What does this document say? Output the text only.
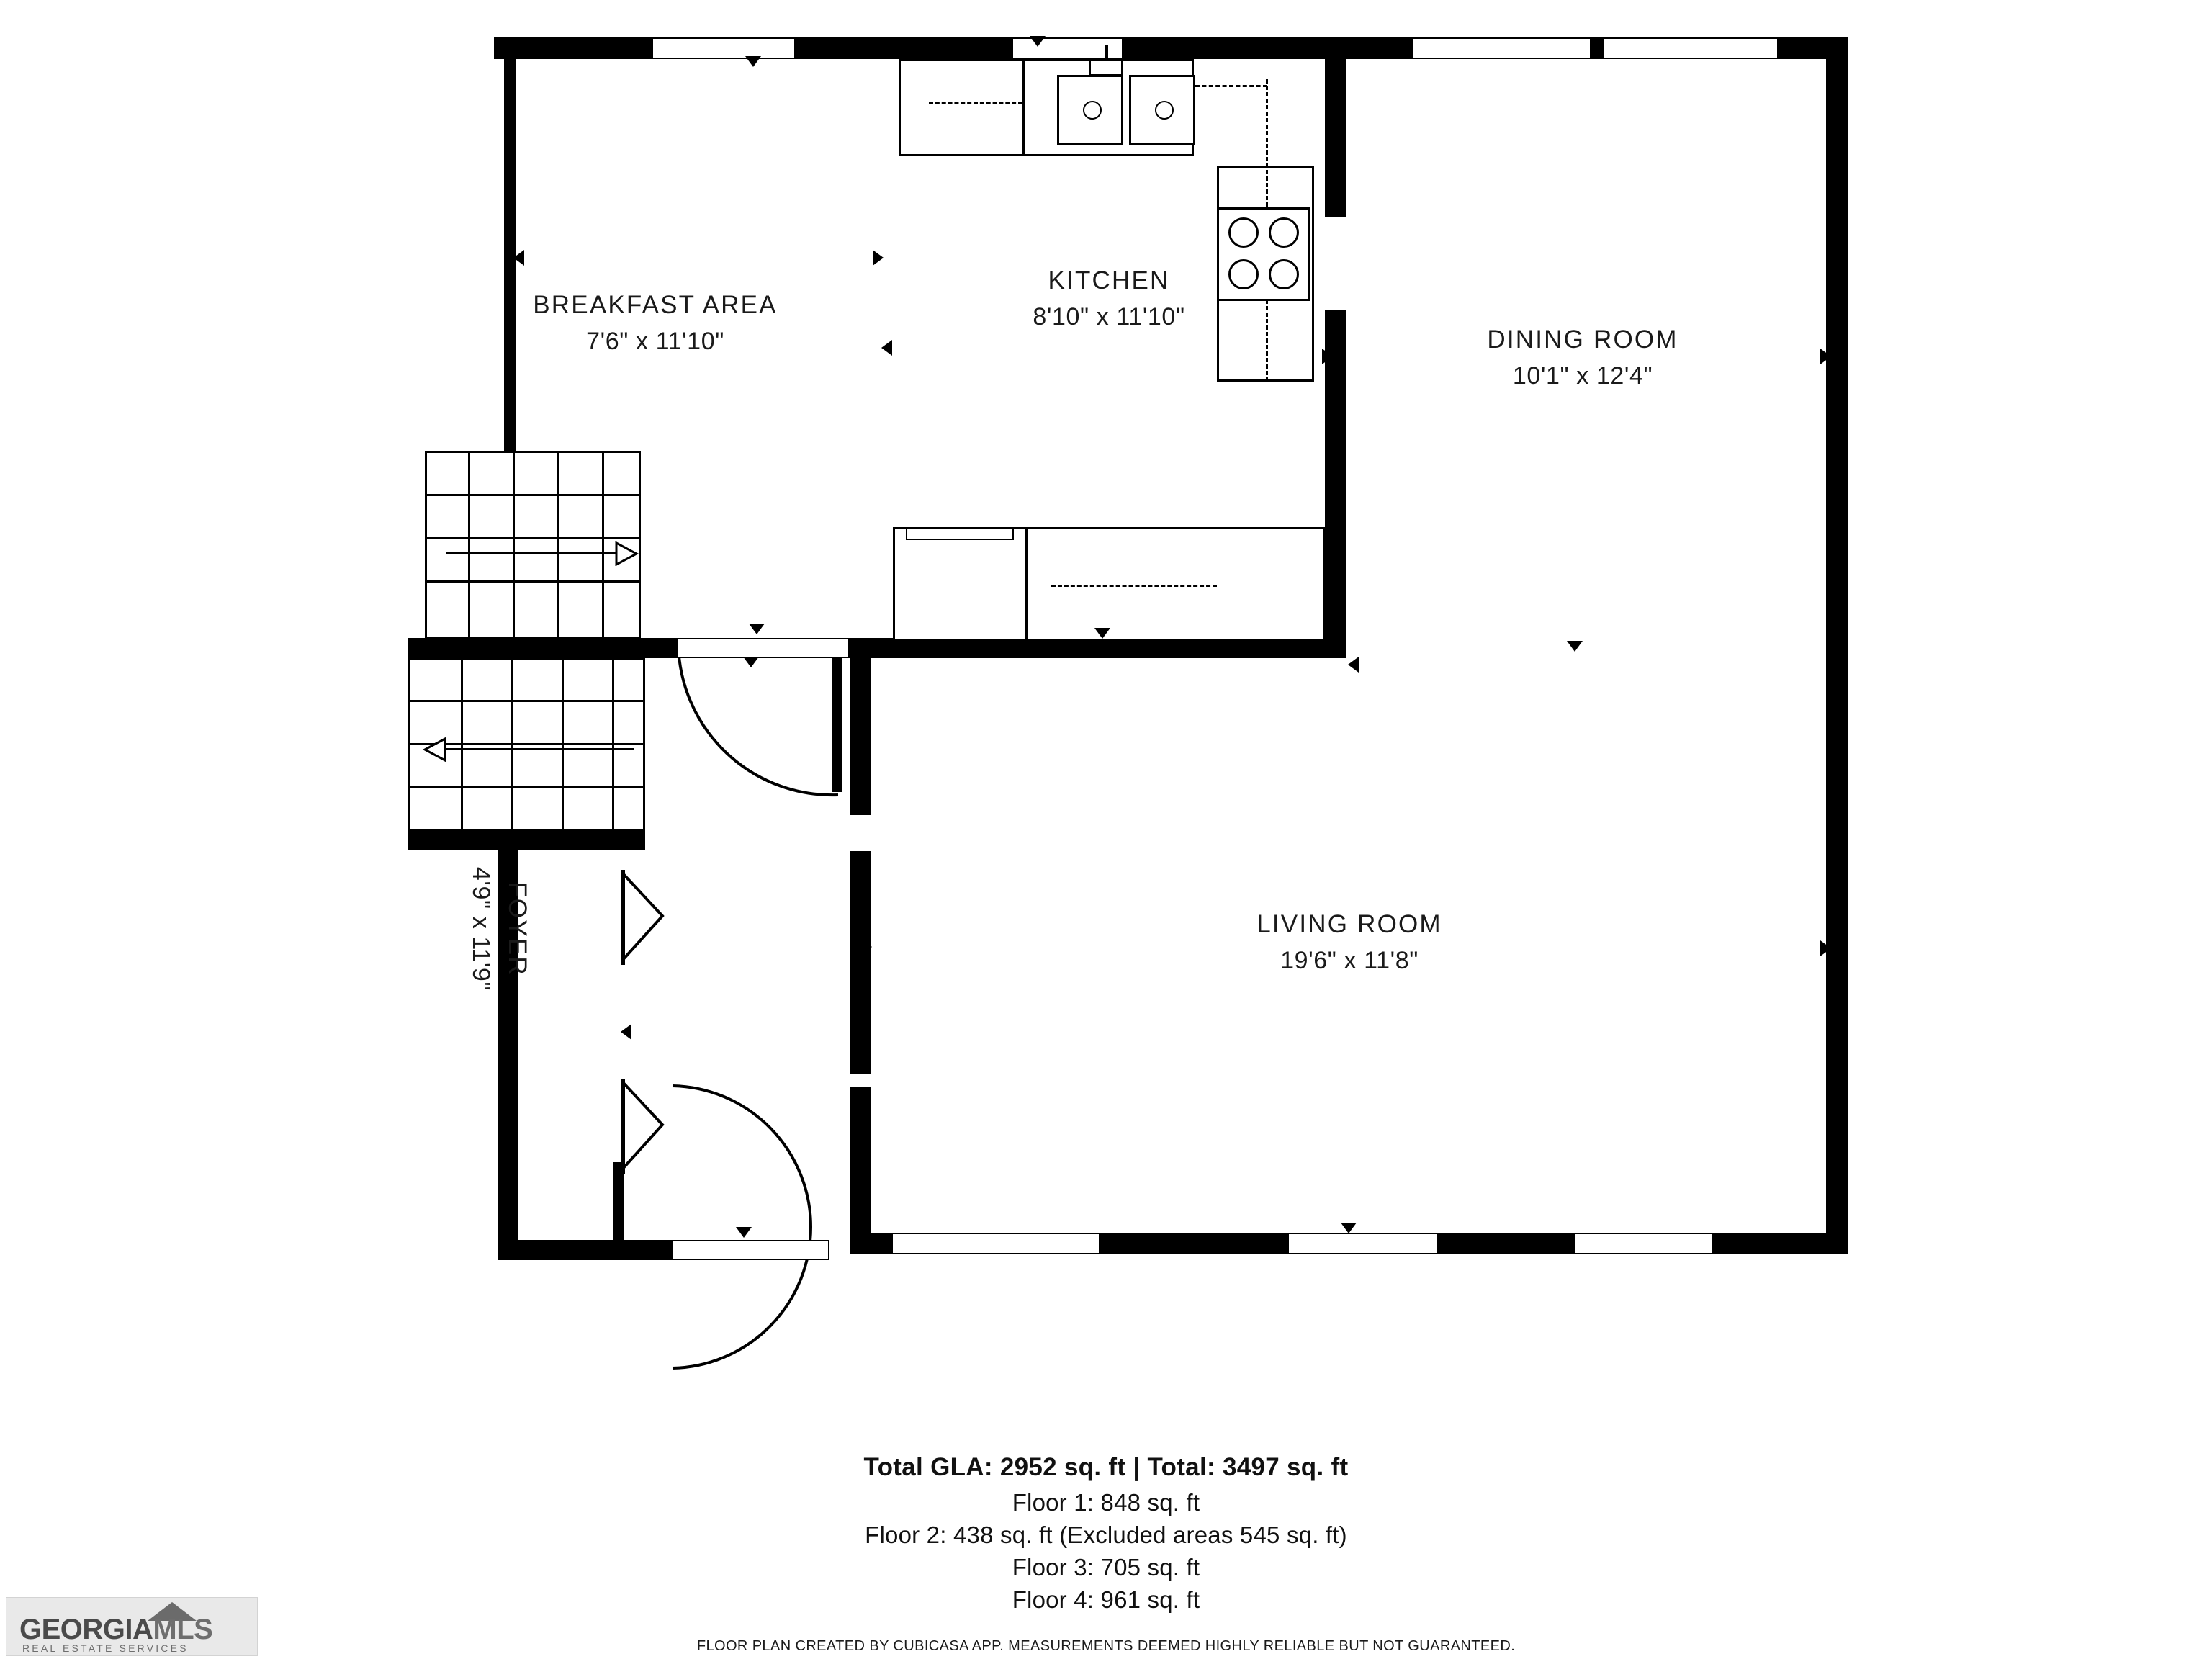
BREAKFAST AREA
7'6" x 11'10"
KITCHEN
8'10" x 11'10"
DINING ROOM
10'1" x 12'4"
LIVING ROOM
19'6" x 11'8"
FOYER
4'9" x 11'9"
Total GLA: 2952 sq. ft | Total: 3497 sq. ft
Floor 1: 848 sq. ft
Floor 2: 438 sq. ft (Excluded areas 545 sq. ft)
Floor 3: 705 sq. ft
Floor 4: 961 sq. ft
FLOOR PLAN CREATED BY CUBICASA APP. MEASUREMENTS DEEMED HIGHLY RELIABLE BUT NOT GUARANTEED.
GEORGIAMLS
REAL ESTATE SERVICES
